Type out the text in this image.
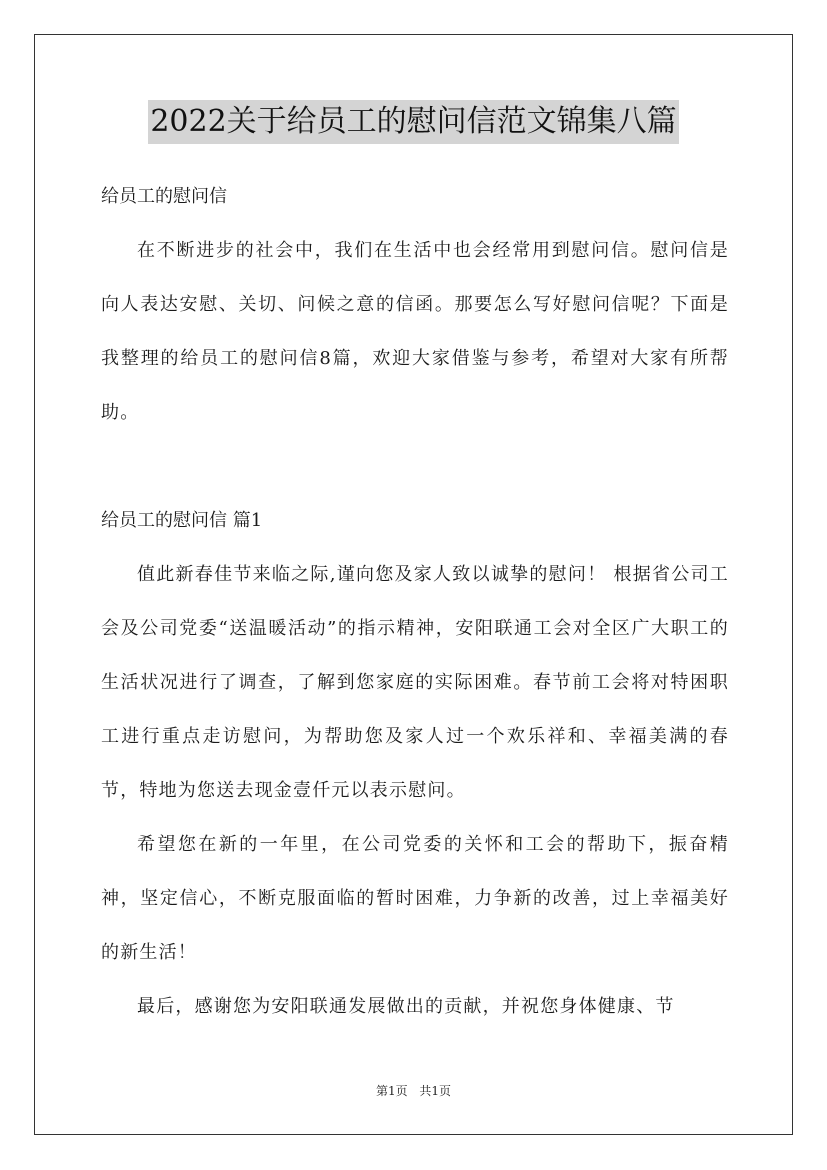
2022关于给员工的慰问信范文锦集八篇

给员工的慰问信

在不断进步的社会中，我们在生活中也会经常用到慰问信。慰问信是向人表达安慰、关切、问候之意的信函。那要怎么写好慰问信呢？下面是我整理的给员工的慰问信8篇，欢迎大家借鉴与参考，希望对大家有所帮助。

给员工的慰问信 篇1

值此新春佳节来临之际,谨向您及家人致以诚挚的慰问！ 根据省公司工会及公司党委“送温暖活动”的指示精神，安阳联通工会对全区广大职工的生活状况进行了调查，了解到您家庭的实际困难。春节前工会将对特困职工进行重点走访慰问，为帮助您及家人过一个欢乐祥和、幸福美满的春节，特地为您送去现金壹仟元以表示慰问。

希望您在新的一年里，在公司党委的关怀和工会的帮助下，振奋精神，坚定信心，不断克服面临的暂时困难，力争新的改善，过上幸福美好的新生活！

最后，感谢您为安阳联通发展做出的贡献，并祝您身体健康、节

第1页 共1页
